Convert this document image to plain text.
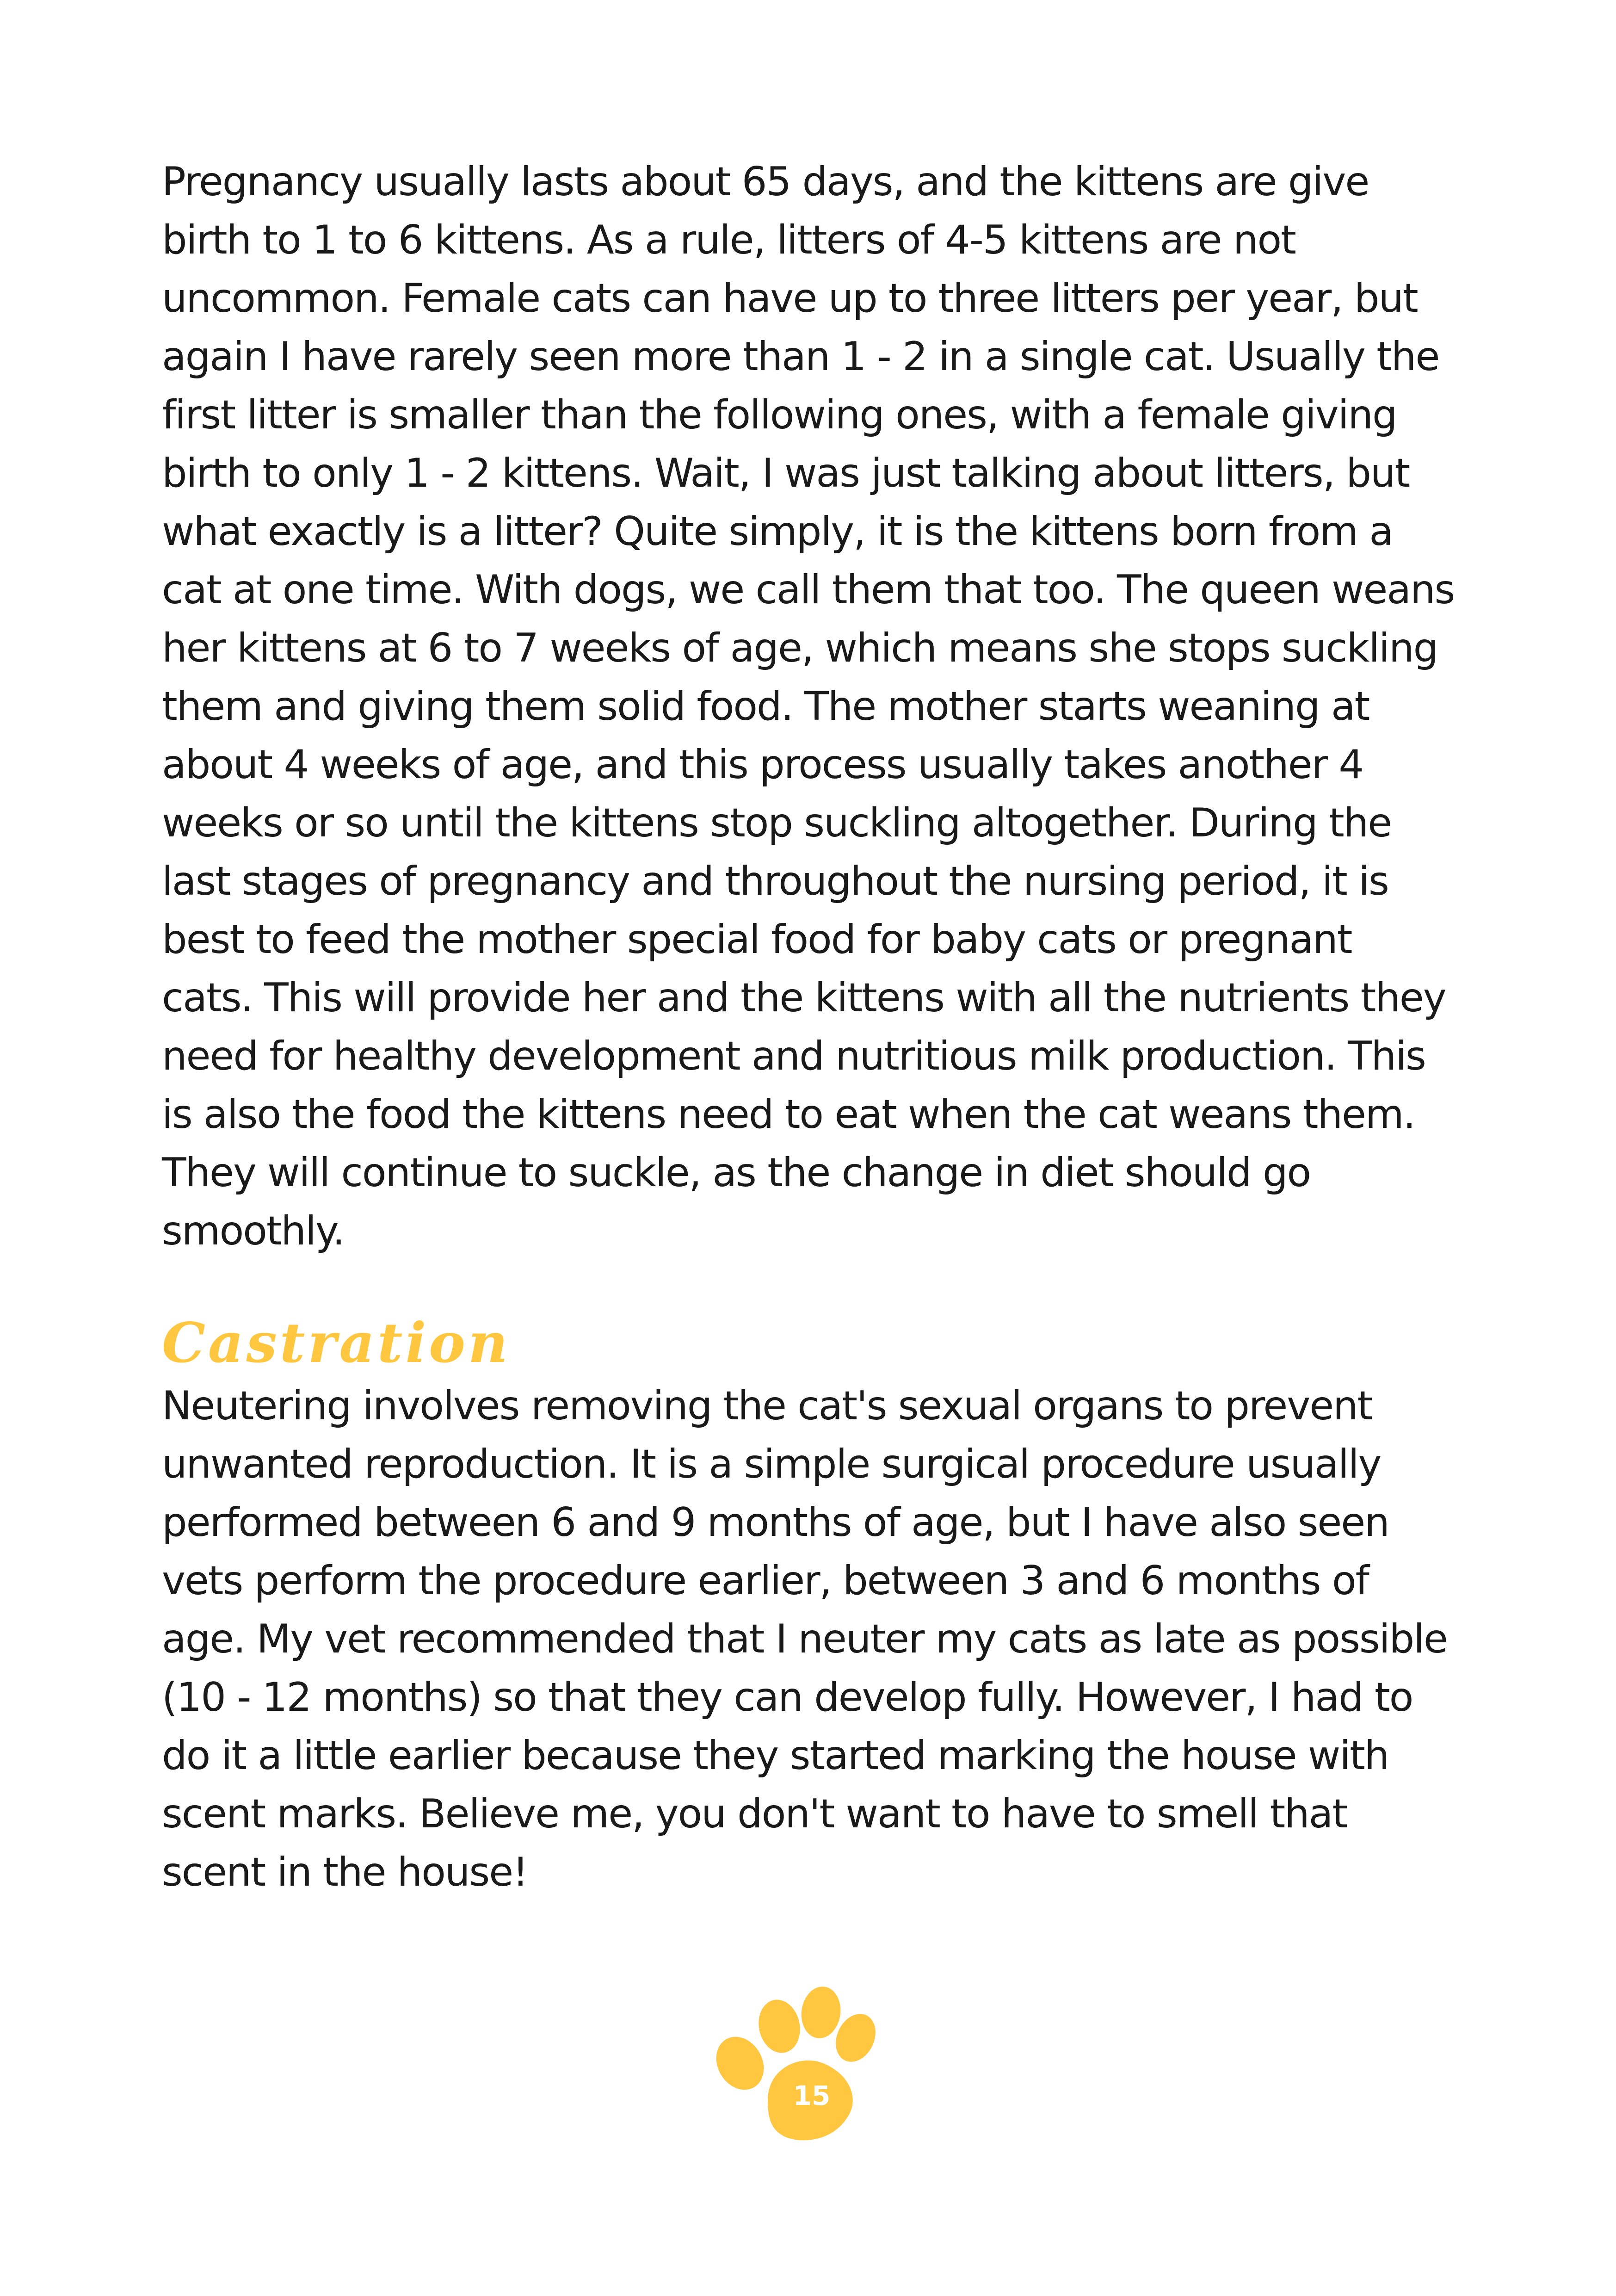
Pregnancy usually lasts about 65 days, and the kittens are give
birth to 1 to 6 kittens. As a rule, litters of 4-5 kittens are not
uncommon. Female cats can have up to three litters per year, but
again I have rarely seen more than 1 - 2 in a single cat. Usually the
first litter is smaller than the following ones, with a female giving
birth to only 1 - 2 kittens. Wait, I was just talking about litters, but
what exactly is a litter? Quite simply, it is the kittens born from a
cat at one time. With dogs, we call them that too. The queen weans
her kittens at 6 to 7 weeks of age, which means she stops suckling
them and giving them solid food. The mother starts weaning at
about 4 weeks of age, and this process usually takes another 4
weeks or so until the kittens stop suckling altogether. During the
last stages of pregnancy and throughout the nursing period, it is
best to feed the mother special food for baby cats or pregnant
cats. This will provide her and the kittens with all the nutrients they
need for healthy development and nutritious milk production. This
is also the food the kittens need to eat when the cat weans them.
They will continue to suckle, as the change in diet should go
smoothly.
Castration
Neutering involves removing the cat's sexual organs to prevent
unwanted reproduction. It is a simple surgical procedure usually
performed between 6 and 9 months of age, but I have also seen
vets perform the procedure earlier, between 3 and 6 months of
age. My vet recommended that I neuter my cats as late as possible
(10 - 12 months) so that they can develop fully. However, I had to
do it a little earlier because they started marking the house with
scent marks. Believe me, you don't want to have to smell that
scent in the house!
15
